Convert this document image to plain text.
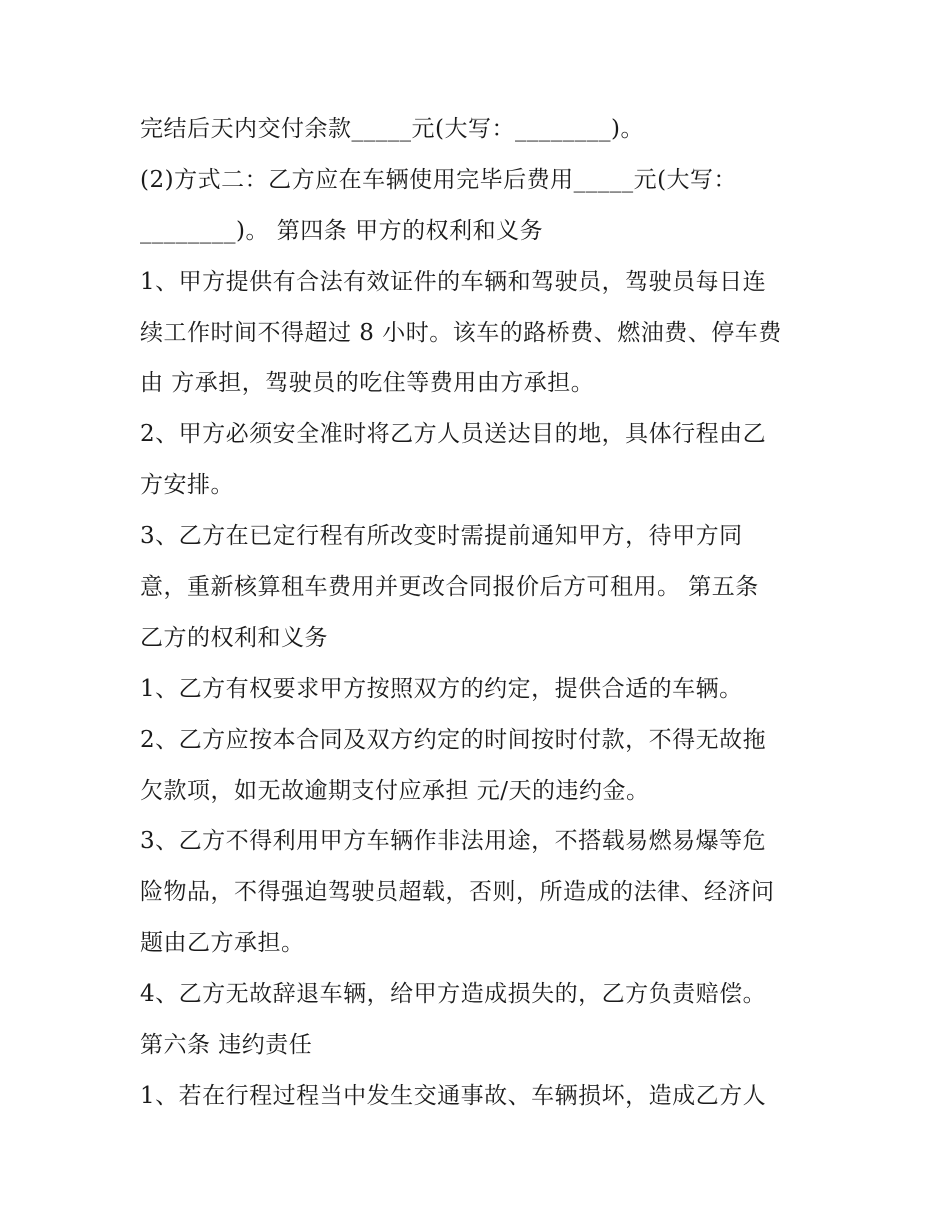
完结后天内交付余款_____元(大写：________)。
(2)方式二：乙方应在车辆使用完毕后费用_____元(大写：
________)。 第四条 甲方的权利和义务
1、甲方提供有合法有效证件的车辆和驾驶员，驾驶员每日连
续工作时间不得超过 8 小时。该车的路桥费、燃油费、停车费
由 方承担，驾驶员的吃住等费用由方承担。
2、甲方必须安全准时将乙方人员送达目的地，具体行程由乙
方安排。
3、乙方在已定行程有所改变时需提前通知甲方，待甲方同
意，重新核算租车费用并更改合同报价后方可租用。 第五条
乙方的权利和义务
1、乙方有权要求甲方按照双方的约定，提供合适的车辆。
2、乙方应按本合同及双方约定的时间按时付款，不得无故拖
欠款项，如无故逾期支付应承担 元/天的违约金。
3、乙方不得利用甲方车辆作非法用途，不搭载易燃易爆等危
险物品，不得强迫驾驶员超载，否则，所造成的法律、经济问
题由乙方承担。
4、乙方无故辞退车辆，给甲方造成损失的，乙方负责赔偿。
第六条 违约责任
1、若在行程过程当中发生交通事故、车辆损坏，造成乙方人
